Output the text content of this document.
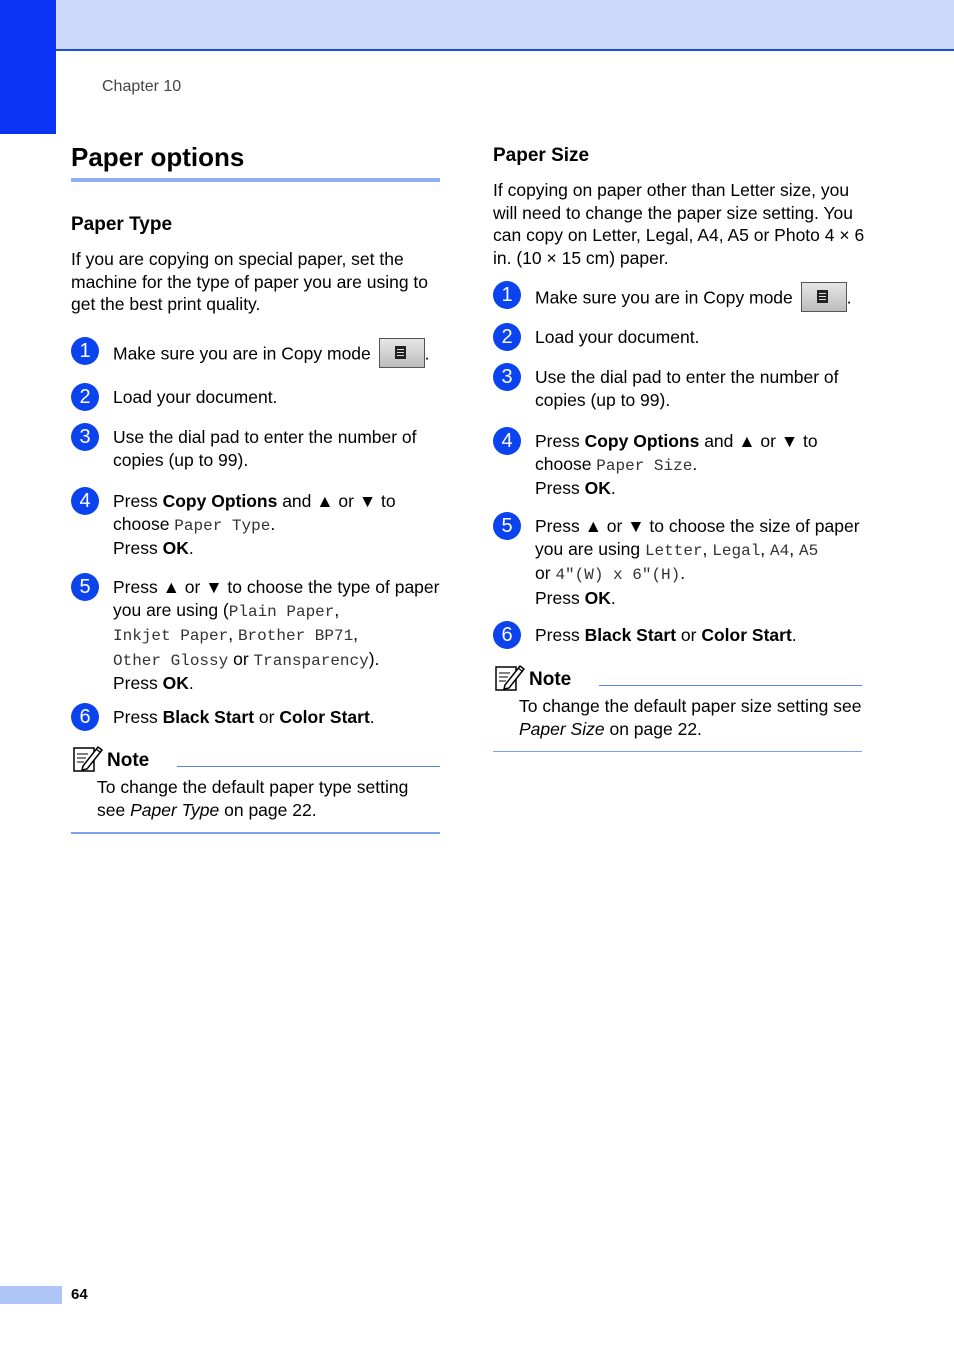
Chapter 10
Paper options
Paper Type
If you are copying on special paper, set the machine for the type of paper you are using to get the best print quality.
1	Make sure you are in Copy mode	.
2	Load your document.
3	Use the dial pad to enter the number of copies (up to 99).
4	Press Copy Options and ▲ or ▼ to choose Paper Type.
Press OK.
5	Press ▲ or ▼ to choose the type of paper you are using (Plain Paper,
Inkjet Paper, Brother BP71,
Other Glossy or Transparency).
Press OK.
6	Press Black Start or Color Start.
Note
To change the default paper type setting see Paper Type on page 22.
Paper Size
If copying on paper other than Letter size, you will need to change the paper size setting. You can copy on Letter, Legal, A4, A5 or Photo 4 × 6 in. (10 × 15 cm) paper.
1	Make sure you are in Copy mode	.
2	Load your document.
3	Use the dial pad to enter the number of copies (up to 99).
4	Press Copy Options and ▲ or ▼ to choose Paper Size.
Press OK.
5	Press ▲ or ▼ to choose the size of paper you are using Letter, Legal, A4, A5
or 4"(W) x 6"(H).
Press OK.
6	Press Black Start or Color Start.
Note
To change the default paper size setting see Paper Size on page 22.
64
